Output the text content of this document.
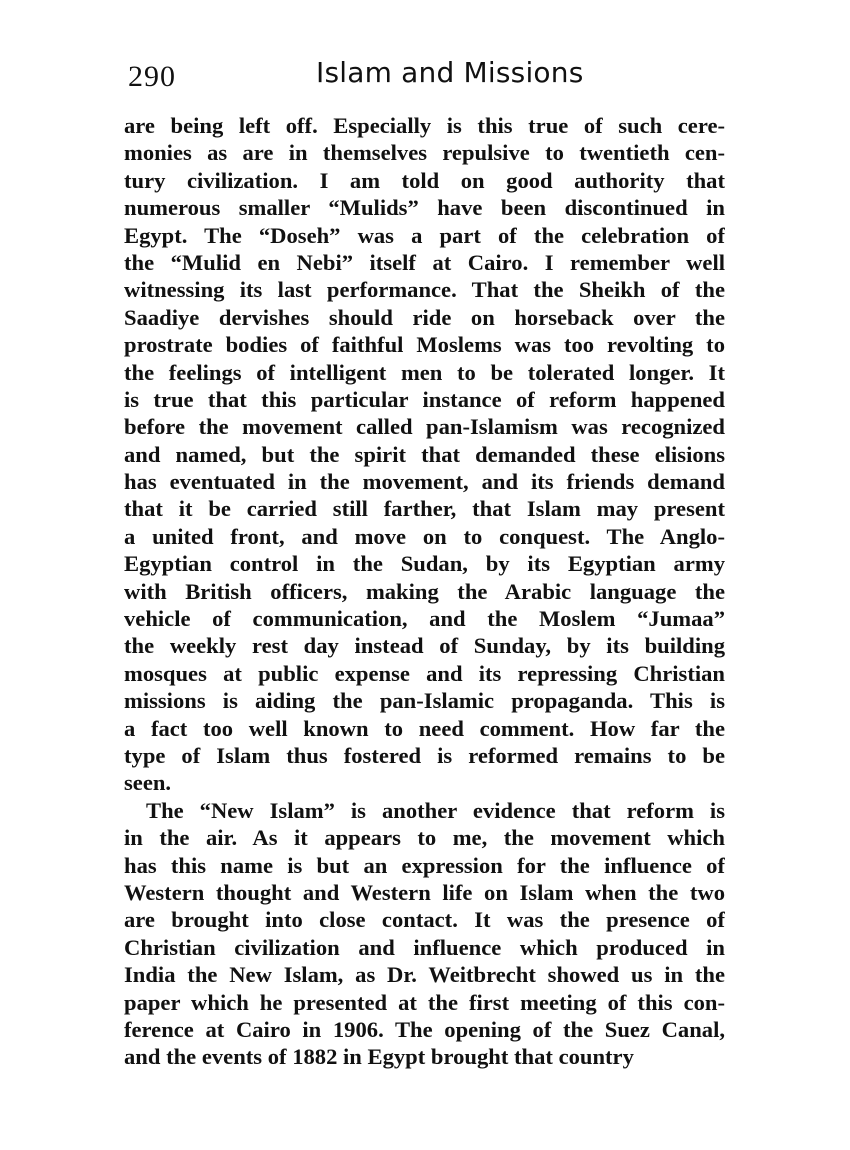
290	Islam and Missions
are being left off. Especially is this true of such cere-
monies as are in themselves repulsive to twentieth cen-
tury civilization. I am told on good authority that
numerous smaller “Mulids” have been discontinued in
Egypt. The “Doseh” was a part of the celebration of
the “Mulid en Nebi” itself at Cairo. I remember well
witnessing its last performance. That the Sheikh of the
Saadiye dervishes should ride on horseback over the
prostrate bodies of faithful Moslems was too revolting to
the feelings of intelligent men to be tolerated longer. It
is true that this particular instance of reform happened
before the movement called pan-Islamism was recognized
and named, but the spirit that demanded these elisions
has eventuated in the movement, and its friends demand
that it be carried still farther, that Islam may present
a united front, and move on to conquest. The Anglo-
Egyptian control in the Sudan, by its Egyptian army
with British officers, making the Arabic language the
vehicle of communication, and the Moslem “Jumaa”
the weekly rest day instead of Sunday, by its building
mosques at public expense and its repressing Christian
missions is aiding the pan-Islamic propaganda. This is
a fact too well known to need comment. How far the
type of Islam thus fostered is reformed remains to be
seen.
The “New Islam” is another evidence that reform is
in the air. As it appears to me, the movement which
has this name is but an expression for the influence of
Western thought and Western life on Islam when the two
are brought into close contact. It was the presence of
Christian civilization and influence which produced in
India the New Islam, as Dr. Weitbrecht showed us in the
paper which he presented at the first meeting of this con-
ference at Cairo in 1906. The opening of the Suez Canal,
and the events of 1882 in Egypt brought that country
